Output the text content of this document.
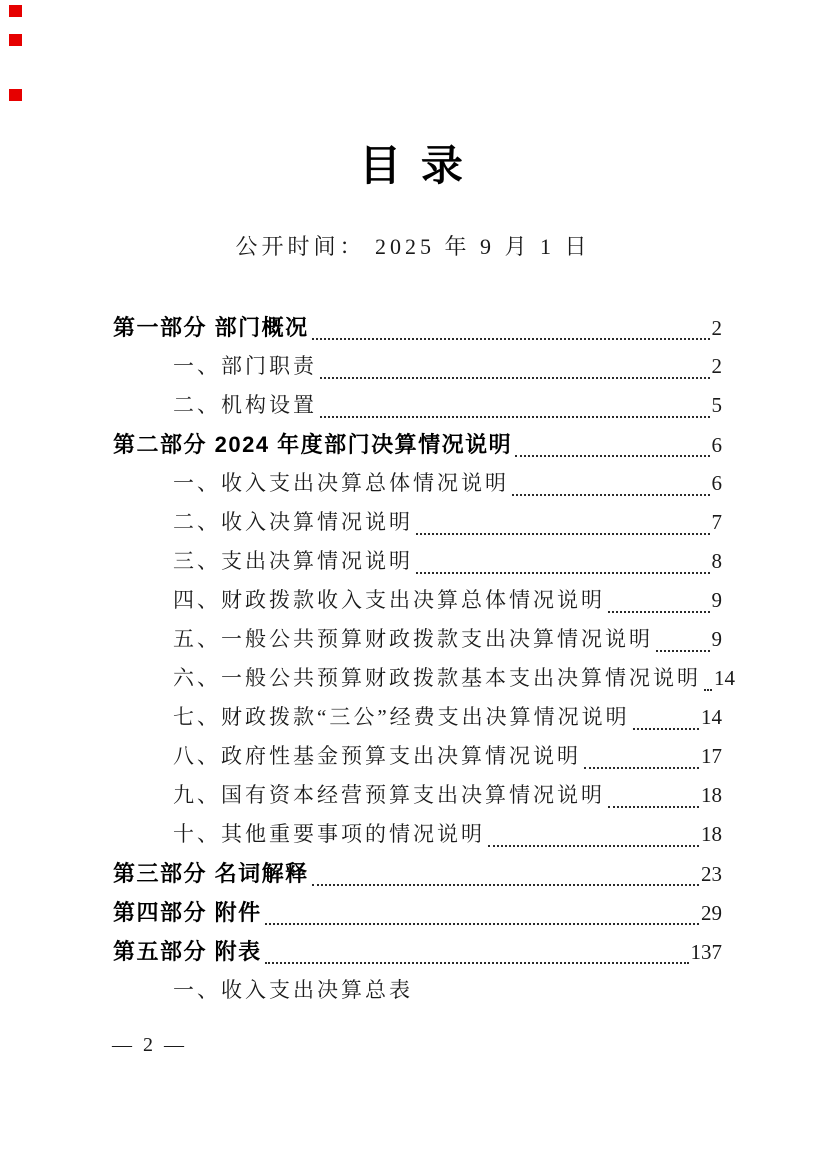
目 录
公开时间： 2025 年 9 月 1 日
第一部分 部门概况	2
一、部门职责	2
二、机构设置	5
第二部分 2024 年度部门决算情况说明	6
一、收入支出决算总体情况说明	6
二、收入决算情况说明	7
三、支出决算情况说明	8
四、财政拨款收入支出决算总体情况说明	9
五、一般公共预算财政拨款支出决算情况说明	9
六、一般公共预算财政拨款基本支出决算情况说明 14
七、财政拨款“三公”经费支出决算情况说明	14
八、政府性基金预算支出决算情况说明	17
九、国有资本经营预算支出决算情况说明	18
十、其他重要事项的情况说明	18
第三部分 名词解释	23
第四部分 附件	29
第五部分 附表	137
一、收入支出决算总表
— 2 —
